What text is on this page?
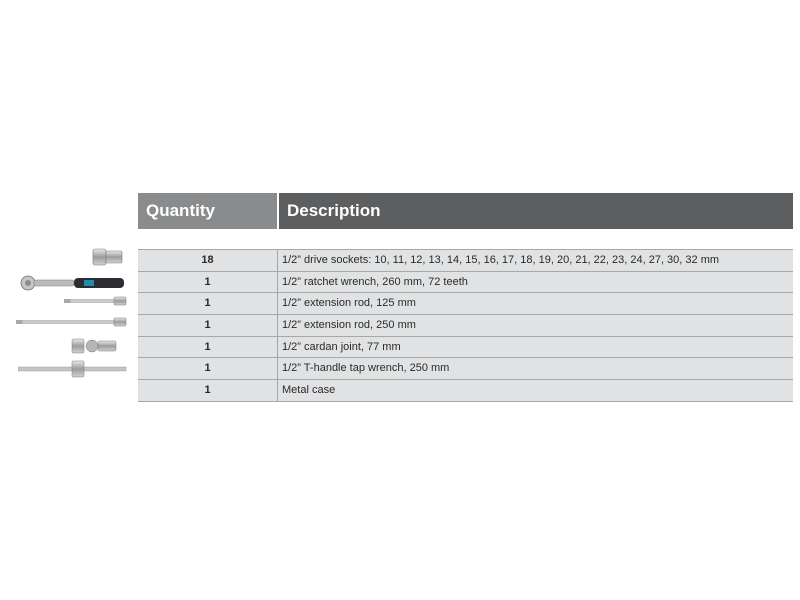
Quantity	Description
18	1/2” drive sockets: 10, 11, 12, 13, 14, 15, 16, 17, 18, 19, 20, 21, 22, 23, 24, 27, 30, 32 mm
1	1/2” ratchet wrench, 260 mm, 72 teeth
1	1/2” extension rod, 125 mm
1	1/2” extension rod, 250 mm
1	1/2” cardan joint, 77 mm
1	1/2” T-handle tap wrench, 250 mm
1	Metal case
